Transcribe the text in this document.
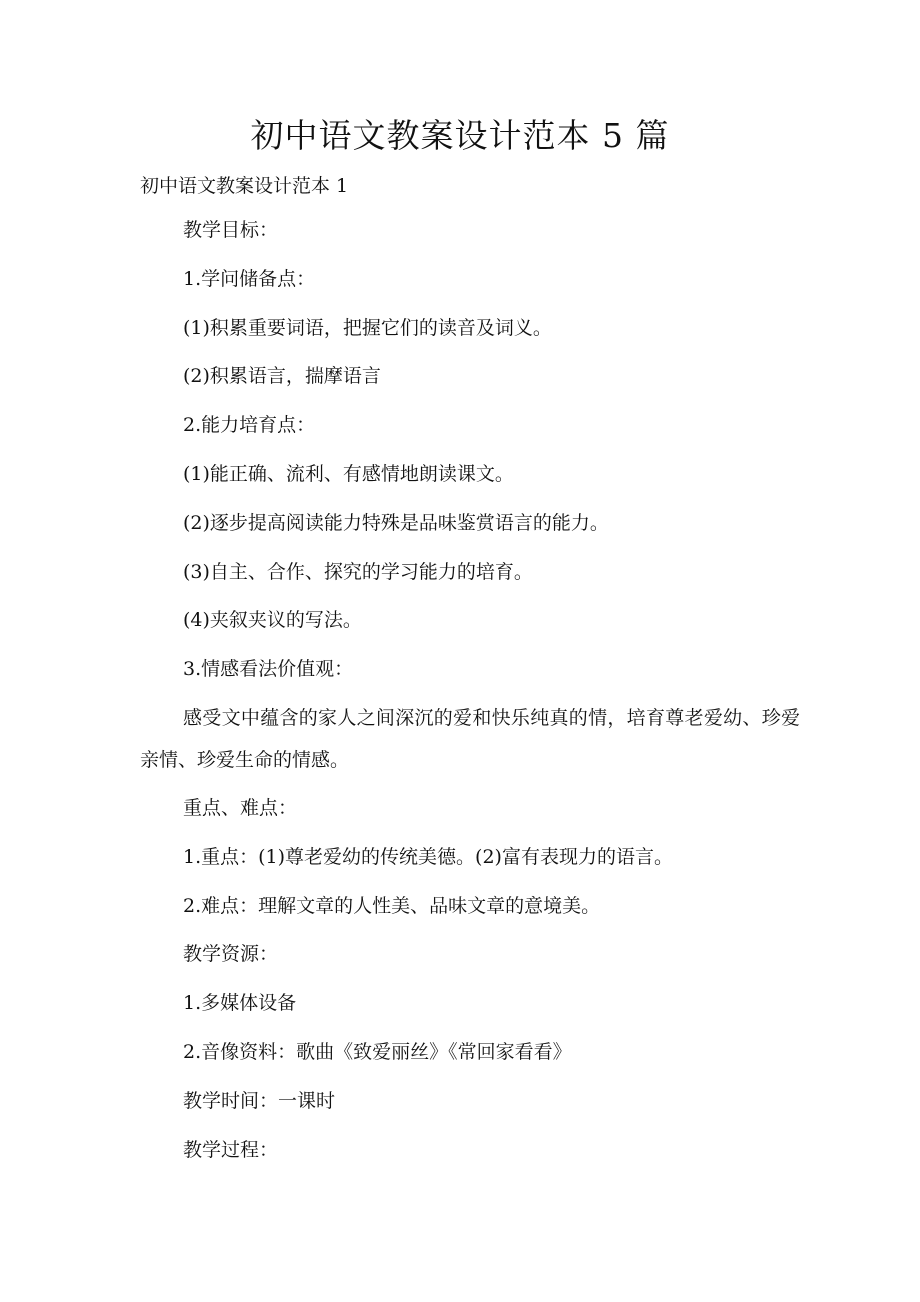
初中语文教案设计范本 5 篇

初中语文教案设计范本 1

教学目标：

1.学问储备点：

(1)积累重要词语，把握它们的读音及词义。

(2)积累语言，揣摩语言

2.能力培育点：

(1)能正确、流利、有感情地朗读课文。

(2)逐步提高阅读能力特殊是品味鉴赏语言的能力。

(3)自主、合作、探究的学习能力的培育。

(4)夹叙夹议的写法。

3.情感看法价值观：

感受文中蕴含的家人之间深沉的爱和快乐纯真的情，培育尊老爱幼、珍爱亲情、珍爱生命的情感。

重点、难点：

1.重点：(1)尊老爱幼的传统美德。(2)富有表现力的语言。

2.难点：理解文章的人性美、品味文章的意境美。

教学资源：

1.多媒体设备

2.音像资料：歌曲《致爱丽丝》《常回家看看》

教学时间：一课时

教学过程：
